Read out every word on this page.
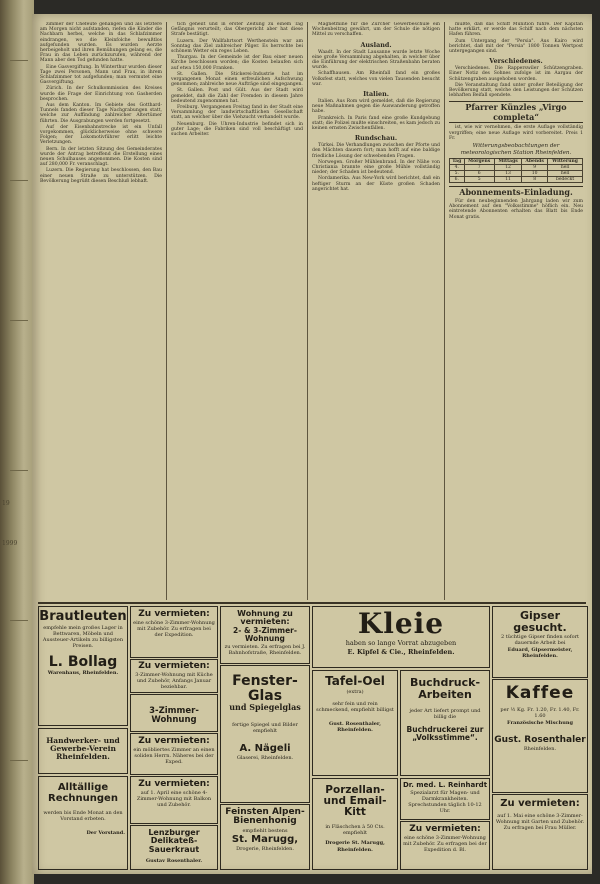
19
1999

zimmer der Chefeute gehangen und als letztere am Morgen nicht aufstanden, riefen die Kinder die Nachbarn herbei, welche in das Schlafzimmer eindrangen, wo die Kleinfolche bewußtlos aufgefunden wurden. Es wurden Aerzte herbeigeholt und ihren Bemühungen gelang es, die Frau in das Leben zurückzurufen, während der Mann aber den Tod gefunden hatte.

Eine Gasvergiftung. In Winterthur wurden dieser Tage zwei Personen, Mann und Frau, in ihrem Schlafzimmer tot aufgefunden; man vermutet eine Gasvergiftung.

Zürich. In der Schulkommission des Kreises wurde die Frage der Einrichtung von Gasherden besprochen.

Aus dem Kanton. Im Gebiete des Gotthard-Tunnels fanden dieser Tage Nachgrabungen statt, welche zur Auffindung zahlreicher Altertümer führten. Die Ausgrabungen werden fortgesetzt.

Auf der Eisenbahnstrecke ist ein Unfall vorgekommen, glücklicherweise ohne schwere Folgen; der Lokomotivführer erlitt leichte Verletzungen.

Bern. In der letzten Sitzung des Gemeinderates wurde der Antrag betreffend die Erstellung eines neuen Schulhauses angenommen. Die Kosten sind auf 280,000 Fr. veranschlagt.

Luzern. Die Regierung hat beschlossen, den Bau einer neuen Straße zu unterstützen. Die Bevölkerung begrüßt diesen Beschluß lebhaft.

tich geheilt und in erster Zeitung zu einem Tag Gefängnis verurteilt; das Obergericht aber hat diese Strafe bestätigt.

Luzern. Der Wallfahrtsort Werthenstein war am Sonntag das Ziel zahlreicher Pilger. Es herrschte bei schönem Wetter ein reges Leben.

Thurgau. In der Gemeinde ist der Bau einer neuen Kirche beschlossen worden; die Kosten belaufen sich auf etwa 150,000 Franken.

St. Gallen. Die Stickerei-Industrie hat im vergangenen Monat einen erfreulichen Aufschwung genommen; zahlreiche neue Aufträge sind eingegangen.

St. Gallen. Post und Gült. Aus der Stadt wird gemeldet, daß die Zahl der Fremden in diesem Jahre bedeutend zugenommen hat.

Freiburg. Vergangenen Freitag fand in der Stadt eine Versammlung der landwirtschaftlichen Gesellschaft statt, an welcher über die Viehzucht verhandelt wurde.

Neuenburg. Die Uhren-Industrie befindet sich in guter Lage; die Fabriken sind voll beschäftigt und suchen Arbeiter.

Magnetmine für die Zürcher Gewerbeschule ein Wochenbeitrag gewährt, um der Schule die nötigen Mittel zu verschaffen.

Ausland.

Waadt. In der Stadt Lausanne wurde letzte Woche eine große Versammlung abgehalten, in welcher über die Einführung der elektrischen Straßenbahn beraten wurde.

Schaffhausen. Am Rheinfall fand ein großes Volksfest statt, welches von vielen Tausenden besucht war.

Italien.

Italien. Aus Rom wird gemeldet, daß die Regierung neue Maßnahmen gegen die Auswanderung getroffen habe.

Frankreich. In Paris fand eine große Kundgebung statt; die Polizei mußte einschreiten, es kam jedoch zu keinen ernsten Zwischenfällen.

Rundschau.

Türkei. Die Verhandlungen zwischen der Pforte und den Mächten dauern fort; man hofft auf eine baldige friedliche Lösung der schwebenden Fragen.

Norwegen. Großer Mühlenbrand. In der Nähe von Christiania brannte eine große Mühle vollständig nieder; der Schaden ist bedeutend.

Nordamerika. Aus New-York wird berichtet, daß ein heftiger Sturm an der Küste großen Schaden angerichtet hat.

mußte, daß das Schiff Munition führe. Der Kapitän hatte erklärt, er werde das Schiff nach dem nächsten Hafen führen.

Zum Untergang der "Persia". Aus Kairo wird berichtet, daß mit der "Persia" 1800 Tonnen Wertpost untergegangen sind.

Verschiedenes.

Verschiedenes. Die Rapperswiler Schützengraben. Einer Notiz des Sohnes zufolge ist im Aargau der Schützengraben ausgehoben worden.

Die Veranstaltung fand unter großer Beteiligung der Bevölkerung statt, welche den Leistungen der Schützen lebhaften Beifall spendete.

Pfarrer Künzles „Virgo completa“

ist, wie wir vernehmen, die erste Auflage vollständig vergriffen; eine neue Auflage wird vorbereitet. Preis 1 Fr.

Witterungsbeobachtungen der meteorologischen Station Rheinfelden.
Tag	Morgens	Mittags	Abends	Witterung
4.	7	12	9	hell
5.	6	13	10	hell
6.	5	11	8	bedeckt
Abonnements-Einladung.

Für den neubeginnenden Jahrgang laden wir zum Abonnement auf den "Volksstimme" höflich ein. Neu eintretende Abonnenten erhalten das Blatt bis Ende Monat gratis.

Brautleuten
empfehle mein großes Lager in Bettwaren, Möbeln und Aussteuer-Artikeln zu billigsten Preisen.
L. Bollag
Warenhaus, Rheinfelden.
Handwerker- und Gewerbe-Verein Rheinfelden.
Alltällige Rechnungen
werden bis Ende Monat an den Vorstand erbeten.
Der Vorstand.
Zu vermieten:
eine schöne 3-Zimmer-Wohnung mit Zubehör. Zu erfragen bei der Expedition.
Zu vermieten:
3-Zimmer-Wohnung mit Küche und Zubehör, Anfangs Januar beziehbar.
3-Zimmer-Wohnung
Zu vermieten:
ein möbliertes Zimmer an einen soliden Herrn. Näheres bei der Exped.
Zu vermieten:
auf 1. April eine schöne 4-Zimmer-Wohnung mit Balkon und Zubehör.
Lenzburger Delikateß-Sauerkraut
Gustav Rosenthaler.
Wohnung zu vermieten:
2- & 3-Zimmer-Wohnung
zu vermieten. Zu erfragen bei J. Bahnhofstraße, Rheinfelden.
Fenster-Glas
und Spiegelglas
fertige Spiegel und Bilder empfiehlt
A. Nägeli
Glaserei, Rheinfelden.
Feinsten Alpen-Bienenhonig
empfiehlt bestens
St. Marugg,
Drogerie, Rheinfelden.
Kleie
haben so lange Vorrat abzugeben
E. Kipfel & Cie., Rheinfelden.
Tafel-Oel
(extra)
sehr fein und rein schmeckend, empfiehlt billigst
Gust. Rosenthaler, Rheinfelden.
Buchdruck-Arbeiten
jeder Art liefert prompt und billig die
Buchdruckerei zur „Volksstimme“.
Porzellan- und Email-Kitt
in Fläschchen à 50 Cts. empfiehlt
Drogerie St. Marugg,
Rheinfelden.
Dr. med. L. Reinhardt
Spezialarzt für Magen- und Darmkrankheiten. Sprechstunden täglich 10-12 Uhr.
Zu vermieten:
eine schöne 3-Zimmer-Wohnung mit Zubehör. Zu erfragen bei der Expedition d. Bl.
Gipser gesucht.
2 tüchtige Gipser finden sofort dauernde Arbeit bei
Eduard, Gipsermeister, Rheinfelden.
Kaffee
per ½ Kg. Fr. 1.20, Fr. 1.40, Fr. 1.60
Französische Mischung
Gust. Rosenthaler
Rheinfelden.
Zu vermieten:
auf 1. Mai eine schöne 3-Zimmer-Wohnung mit Garten und Zubehör. Zu erfragen bei Frau Müller.
